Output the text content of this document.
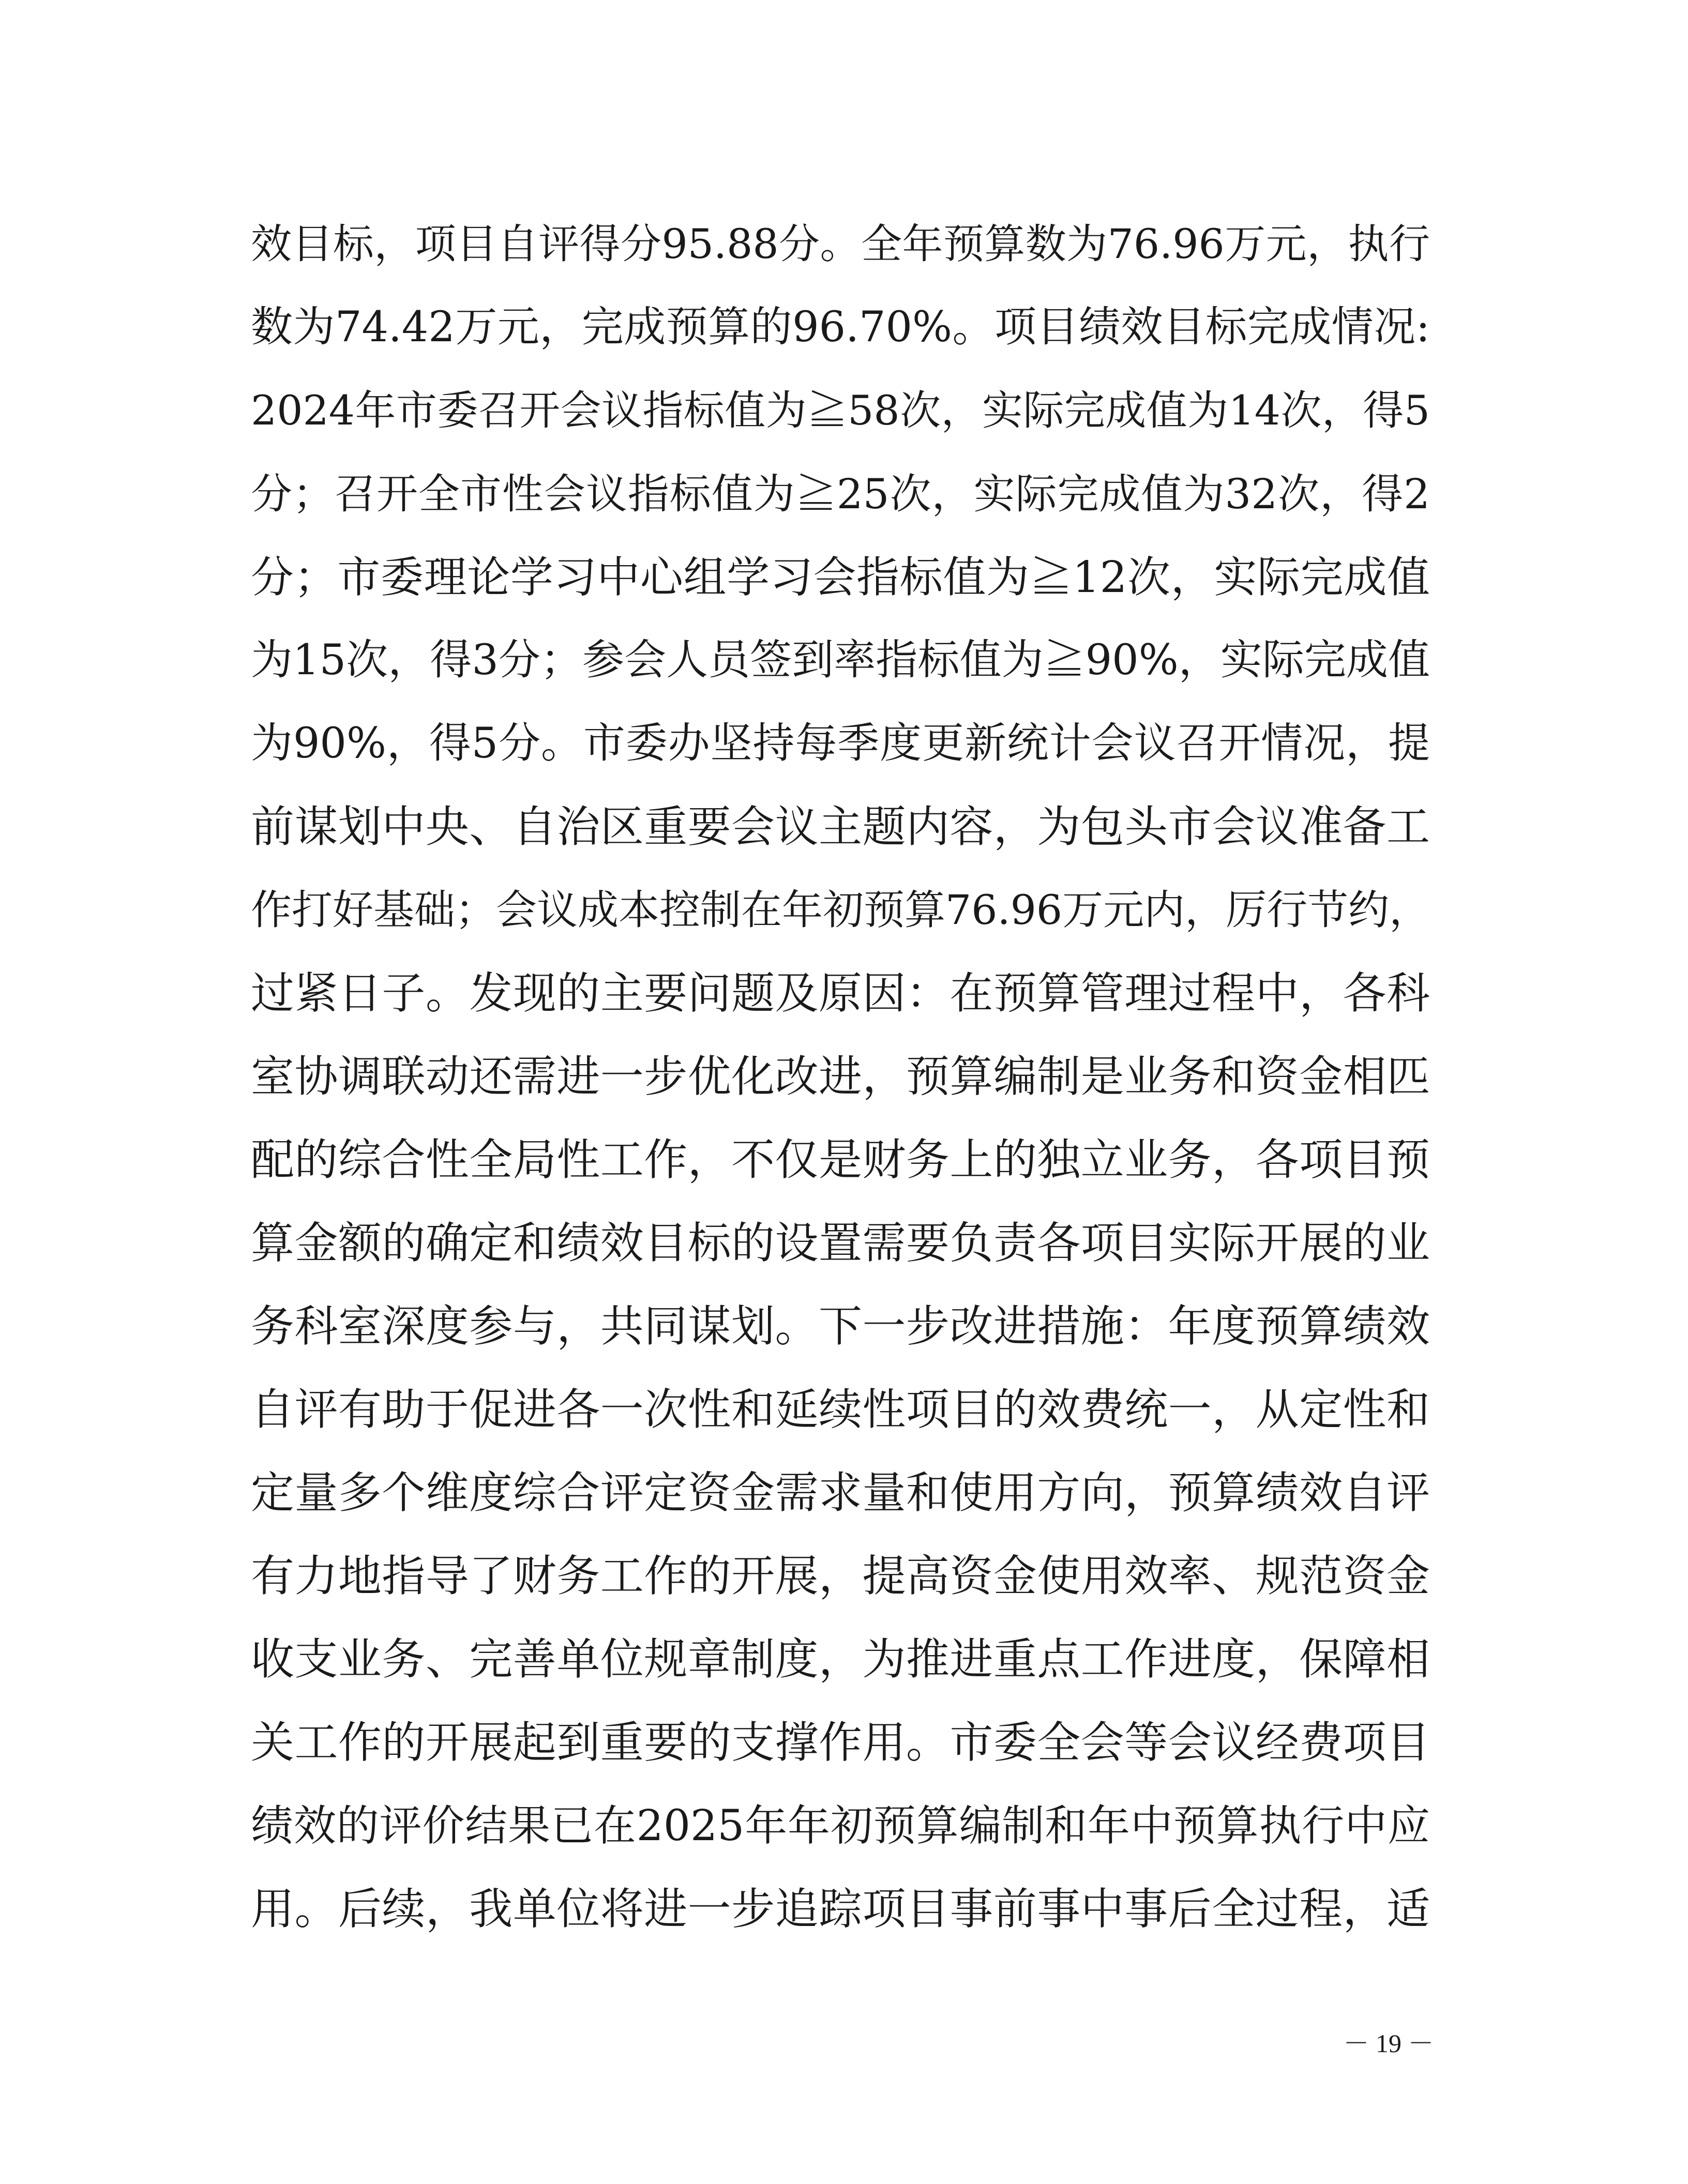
效目标，项目自评得分95.88分。全年预算数为76.96万元，执行
数为74.42万元，完成预算的96.70%。项目绩效目标完成情况:
2024年市委召开会议指标值为≧58次，实际完成值为14次，得5
分；召开全市性会议指标值为≧25次，实际完成值为32次，得2
分；市委理论学习中心组学习会指标值为≧12次，实际完成值
为15次，得3分；参会人员签到率指标值为≧90%，实际完成值
为90%，得5分。市委办坚持每季度更新统计会议召开情况，提
前谋划中央、自治区重要会议主题内容，为包头市会议准备工
作打好基础；会议成本控制在年初预算76.96万元内，厉行节约，
过紧日子。发现的主要问题及原因：在预算管理过程中，各科
室协调联动还需进一步优化改进，预算编制是业务和资金相匹
配的综合性全局性工作，不仅是财务上的独立业务，各项目预
算金额的确定和绩效目标的设置需要负责各项目实际开展的业
务科室深度参与，共同谋划。下一步改进措施：年度预算绩效
自评有助于促进各一次性和延续性项目的效费统一，从定性和
定量多个维度综合评定资金需求量和使用方向，预算绩效自评
有力地指导了财务工作的开展，提高资金使用效率、规范资金
收支业务、完善单位规章制度，为推进重点工作进度，保障相
关工作的开展起到重要的支撑作用。市委全会等会议经费项目
绩效的评价结果已在2025年年初预算编制和年中预算执行中应
用。后续，我单位将进一步追踪项目事前事中事后全过程，适
－ 19 －
